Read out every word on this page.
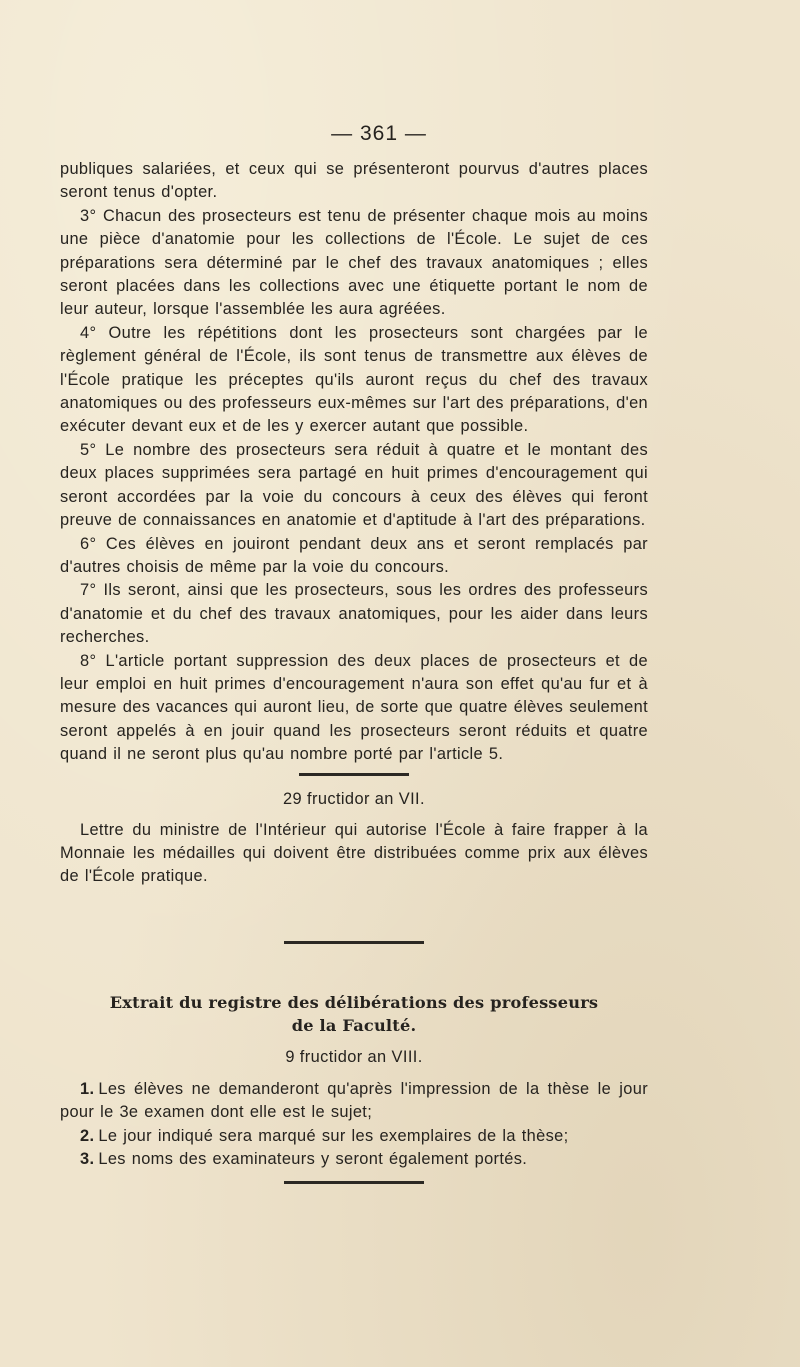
— 361 —

publiques salariées, et ceux qui se présenteront pourvus d'autres places seront tenus d'opter.

3° Chacun des prosecteurs est tenu de présenter chaque mois au moins une pièce d'anatomie pour les collections de l'École. Le sujet de ces préparations sera déterminé par le chef des travaux anatomiques ; elles seront placées dans les collections avec une étiquette portant le nom de leur auteur, lorsque l'assemblée les aura agréées.

4° Outre les répétitions dont les prosecteurs sont chargées par le règlement général de l'École, ils sont tenus de transmettre aux élèves de l'École pratique les préceptes qu'ils auront reçus du chef des travaux anatomiques ou des professeurs eux-mêmes sur l'art des préparations, d'en exécuter devant eux et de les y exercer autant que possible.

5° Le nombre des prosecteurs sera réduit à quatre et le montant des deux places supprimées sera partagé en huit primes d'encouragement qui seront accordées par la voie du concours à ceux des élèves qui feront preuve de connaissances en anatomie et d'aptitude à l'art des préparations.

6° Ces élèves en jouiront pendant deux ans et seront remplacés par d'autres choisis de même par la voie du concours.

7° Ils seront, ainsi que les prosecteurs, sous les ordres des professeurs d'anatomie et du chef des travaux anatomiques, pour les aider dans leurs recherches.

8° L'article portant suppression des deux places de prosecteurs et de leur emploi en huit primes d'encouragement n'aura son effet qu'au fur et à mesure des vacances qui auront lieu, de sorte que quatre élèves seulement seront appelés à en jouir quand les prosecteurs seront réduits et quatre quand il ne seront plus qu'au nombre porté par l'article 5.

29 fructidor an VII.

Lettre du ministre de l'Intérieur qui autorise l'École à faire frapper à la Monnaie les médailles qui doivent être distribuées comme prix aux élèves de l'École pratique.

Extrait du registre des délibérations des professeurs
de la Faculté.
9 fructidor an VIII.

1. Les élèves ne demanderont qu'après l'impression de la thèse le jour pour le 3e examen dont elle est le sujet;

2. Le jour indiqué sera marqué sur les exemplaires de la thèse;

3. Les noms des examinateurs y seront également portés.
